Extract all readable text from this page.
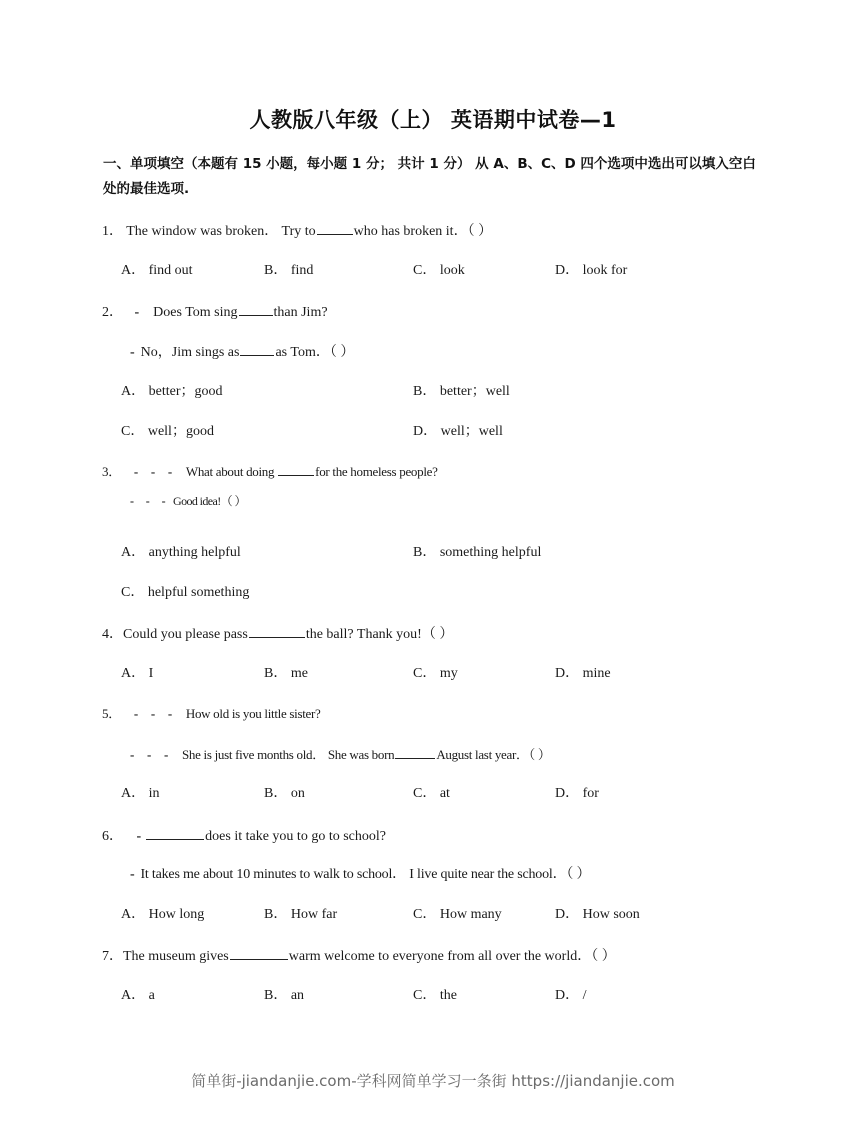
人教版八年级（上） 英语期中试卷—1
一、单项填空（本题有 15 小题，每小题 1 分； 共计 1 分） 从 A、B、C、D 四个选项中选出可以填入空白处的最佳选项.
1． The window was broken． Try to	who has broken it．（ ）
A． find out	B． find	C． look	D． look for
2． - Does Tom sing	than Jim?
- No，Jim sings as	as Tom．（ ）
A． better；good	B． better；well
C． well；good	D． well；well
3． - - - What about doing	for the homeless people?
- - - Good idea!（ ）
A． anything helpful	B． something helpful
C． helpful something
4．Could you please pass	the ball? Thank you!（ ）
A． I	B． me	C． my	D． mine
5． - - - How old is you little sister?
- - - She is just five months old． She was born	August last year．（ ）
A． in	B． on	C． at	D． for
6． -	does it take you to go to school?
- It takes me about 10 minutes to walk to school． I live quite near the school．（ ）
A． How long	B． How far	C． How many	D． How soon
7．The museum gives	warm welcome to everyone from all over the world．（ ）
A． a	B． an	C． the	D． /
简单街-jiandanjie.com-学科网简单学习一条街 https://jiandanjie.com
